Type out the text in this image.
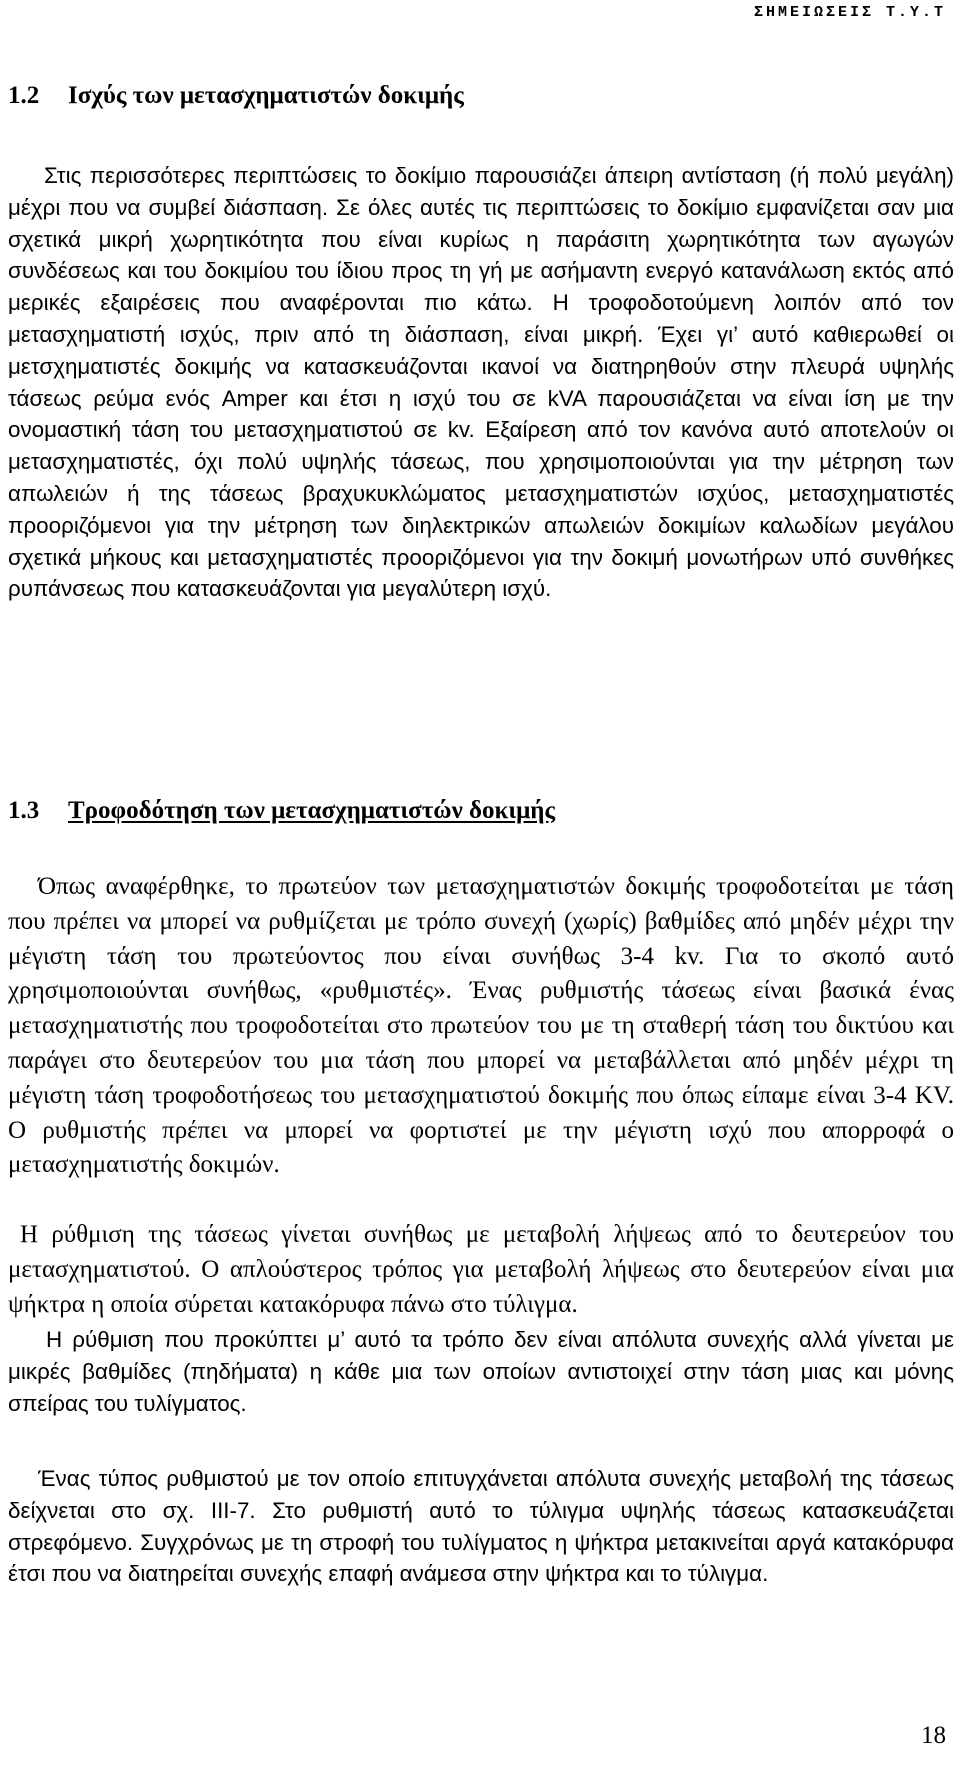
ΣΗΜΕΙΩΣΕΙΣ Τ.Υ.Τ
1.2 Ισχύς των μετασχηματιστών δοκιμής

Στις περισσότερες περιπτώσεις το δοκίμιο παρουσιάζει άπειρη αντίσταση (ή πολύ μεγάλη) μέχρι που να συμβεί διάσπαση. Σε όλες αυτές τις περιπτώσεις το δοκίμιο εμφανίζεται σαν μια σχετικά μικρή χωρητικότητα που είναι κυρίως η παράσιτη χωρητικότητα των αγωγών συνδέσεως και του δοκιμίου του ίδιου προς τη γή με ασήμαντη ενεργό κατανάλωση εκτός από μερικές εξαιρέσεις που αναφέρονται πιο κάτω. Η τροφοδοτούμενη λοιπόν από τον μετασχηματιστή ισχύς, πριν από τη διάσπαση, είναι μικρή. Έχει γι’ αυτό καθιερωθεί οι μετσχηματιστές δοκιμής να κατασκευάζονται ικανοί να διατηρηθούν στην πλευρά υψηλής τάσεως ρεύμα ενός Amper και έτσι η ισχύ του σε kVA παρουσιάζεται να είναι ίση με την ονομαστική τάση του μετασχηματιστού σε kv. Εξαίρεση από τον κανόνα αυτό αποτελούν οι μετασχηματιστές, όχι πολύ υψηλής τάσεως, που χρησιμοποιούνται για την μέτρηση των απωλειών ή της τάσεως βραχυκυκλώματος μετασχηματιστών ισχύος, μετασχηματιστές προοριζόμενοι για την μέτρηση των διηλεκτρικών απωλειών δοκιμίων καλωδίων μεγάλου σχετικά μήκους και μετασχηματιστές προοριζόμενοι για την δοκιμή μονωτήρων υπό συνθήκες ρυπάνσεως που κατασκευάζονται για μεγαλύτερη ισχύ.

1.3 Τροφοδότηση των μετασχηματιστών δοκιμής

Όπως αναφέρθηκε, το πρωτεύον των μετασχηματιστών δοκιμής τροφοδοτείται με τάση που πρέπει να μπορεί να ρυθμίζεται με τρόπο συνεχή (χωρίς) βαθμίδες από μηδέν μέχρι την μέγιστη τάση του πρωτεύοντος που είναι συνήθως 3-4 kv. Για το σκοπό αυτό χρησιμοποιούνται συνήθως, «ρυθμιστές». Ένας ρυθμιστής τάσεως είναι βασικά ένας μετασχηματιστής που τροφοδοτείται στο πρωτεύον του με τη σταθερή τάση του δικτύου και παράγει στο δευτερεύον του μια τάση που μπορεί να μεταβάλλεται από μηδέν μέχρι τη μέγιστη τάση τροφοδοτήσεως του μετασχηματιστού δοκιμής που όπως είπαμε είναι 3-4 KV. Ο ρυθμιστής πρέπει να μπορεί να φορτιστεί με την μέγιστη ισχύ που απορροφά ο μετασχηματιστής δοκιμών.

Η ρύθμιση της τάσεως γίνεται συνήθως με μεταβολή λήψεως από το δευτερεύον του μετασχηματιστού. Ο απλούστερος τρόπος για μεταβολή λήψεως στο δευτερεύον είναι μια ψήκτρα η οποία σύρεται κατακόρυφα πάνω στο τύλιγμα.

Η ρύθμιση που προκύπτει μ’ αυτό τα τρόπο δεν είναι απόλυτα συνεχής αλλά γίνεται με μικρές βαθμίδες (πηδήματα) η κάθε μια των οποίων αντιστοιχεί στην τάση μιας και μόνης σπείρας του τυλίγματος.

Ένας τύπος ρυθμιστού με τον οποίο επιτυγχάνεται απόλυτα συνεχής μεταβολή της τάσεως δείχνεται στο σχ. III-7. Στο ρυθμιστή αυτό το τύλιγμα υψηλής τάσεως κατασκευάζεται στρεφόμενο. Συγχρόνως με τη στροφή του τυλίγματος η ψήκτρα μετακινείται αργά κατακόρυφα έτσι που να διατηρείται συνεχής επαφή ανάμεσα στην ψήκτρα και το τύλιγμα.

18
